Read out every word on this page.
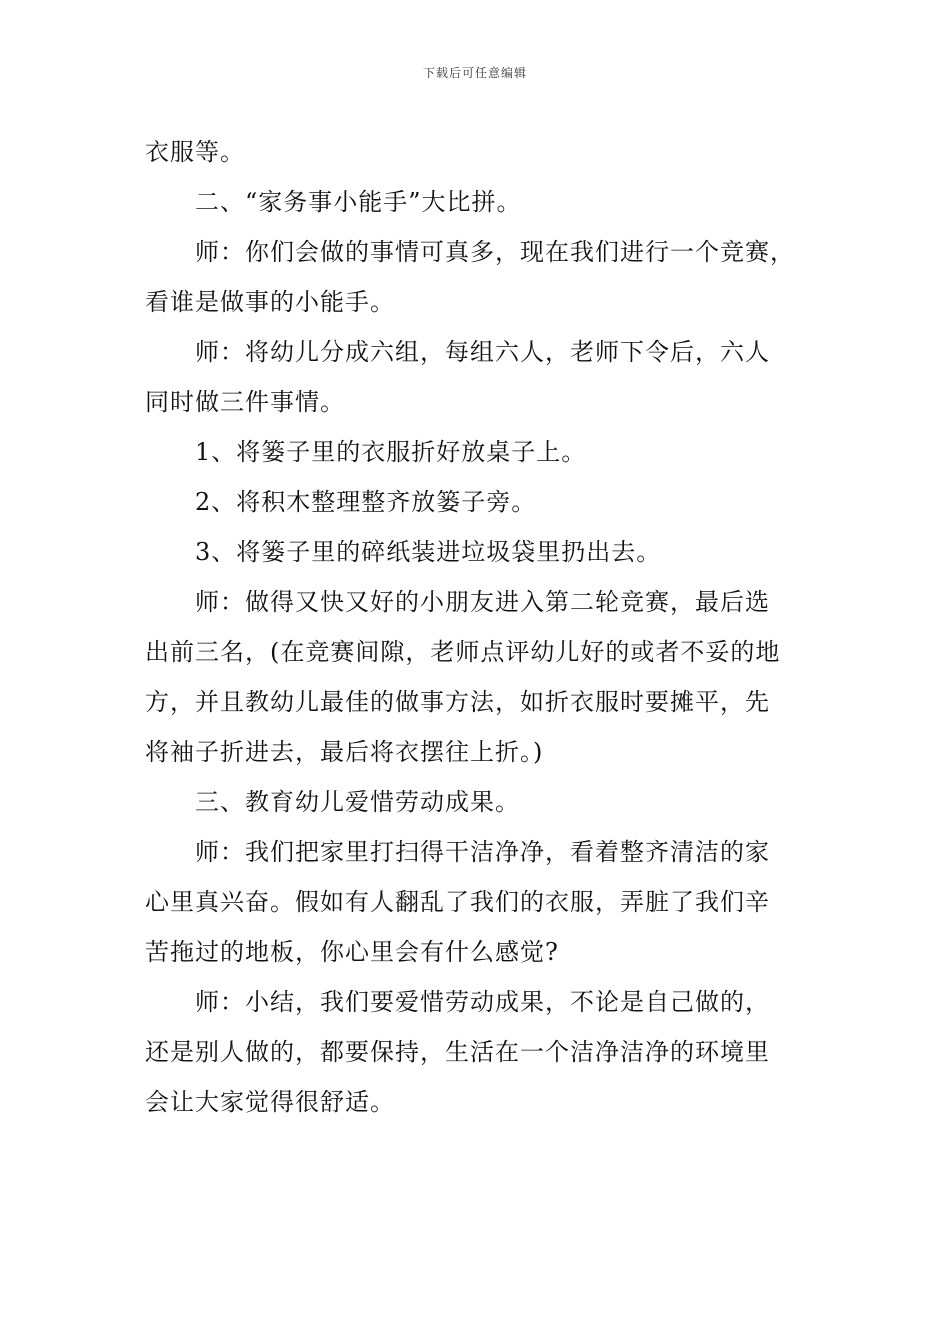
下载后可任意编辑
衣服等。
二、“家务事小能手”大比拼。
师：你们会做的事情可真多，现在我们进行一个竞赛，
看谁是做事的小能手。
师：将幼儿分成六组，每组六人，老师下令后，六人
同时做三件事情。
1、将篓子里的衣服折好放桌子上。
2、将积木整理整齐放篓子旁。
3、将篓子里的碎纸装进垃圾袋里扔出去。
师：做得又快又好的小朋友进入第二轮竞赛，最后选
出前三名，(在竞赛间隙，老师点评幼儿好的或者不妥的地
方，并且教幼儿最佳的做事方法，如折衣服时要摊平，先
将袖子折进去，最后将衣摆往上折。)
三、教育幼儿爱惜劳动成果。
师：我们把家里打扫得干洁净净，看着整齐清洁的家
心里真兴奋。假如有人翻乱了我们的衣服，弄脏了我们辛
苦拖过的地板，你心里会有什么感觉?
师：小结，我们要爱惜劳动成果，不论是自己做的，
还是别人做的，都要保持，生活在一个洁净洁净的环境里
会让大家觉得很舒适。
